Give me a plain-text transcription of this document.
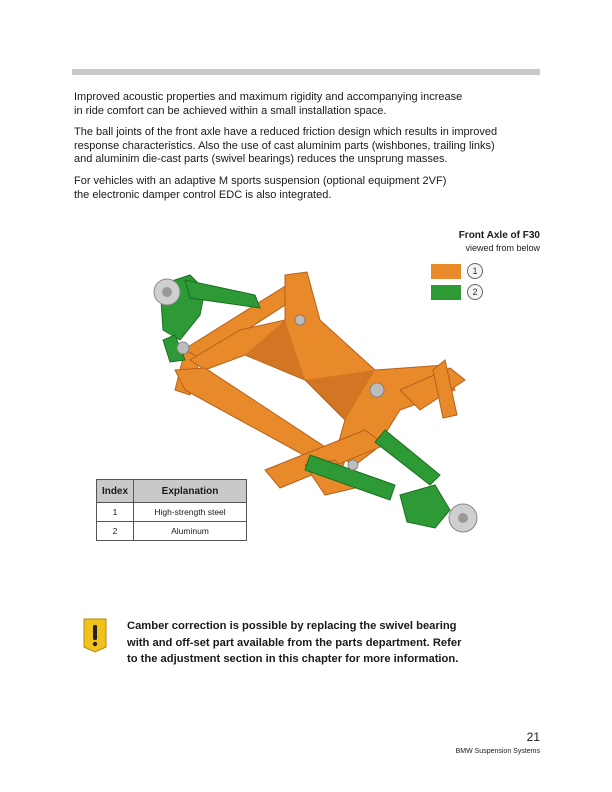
Improved acoustic properties and maximum rigidity and accompanying increase
in ride comfort can be achieved within a small installation space.

The ball joints of the front axle have a reduced friction design which results in improved
response characteristics. Also the use of cast aluminim parts (wishbones, trailing links)
and aluminim die-cast parts (swivel bearings) reduces the unsprung masses.

For vehicles with an adaptive M sports suspension (optional equipment 2VF)
the electronic damper control EDC is also integrated.

Front Axle of F30
viewed from below
1
2
Index	Explanation
1	High-strength steel
2	Aluminum

Camber correction is possible by replacing the swivel bearing
with and off-set part available from the parts department. Refer
to the adjustment section in this chapter for more information.

21
BMW Suspension Systems
